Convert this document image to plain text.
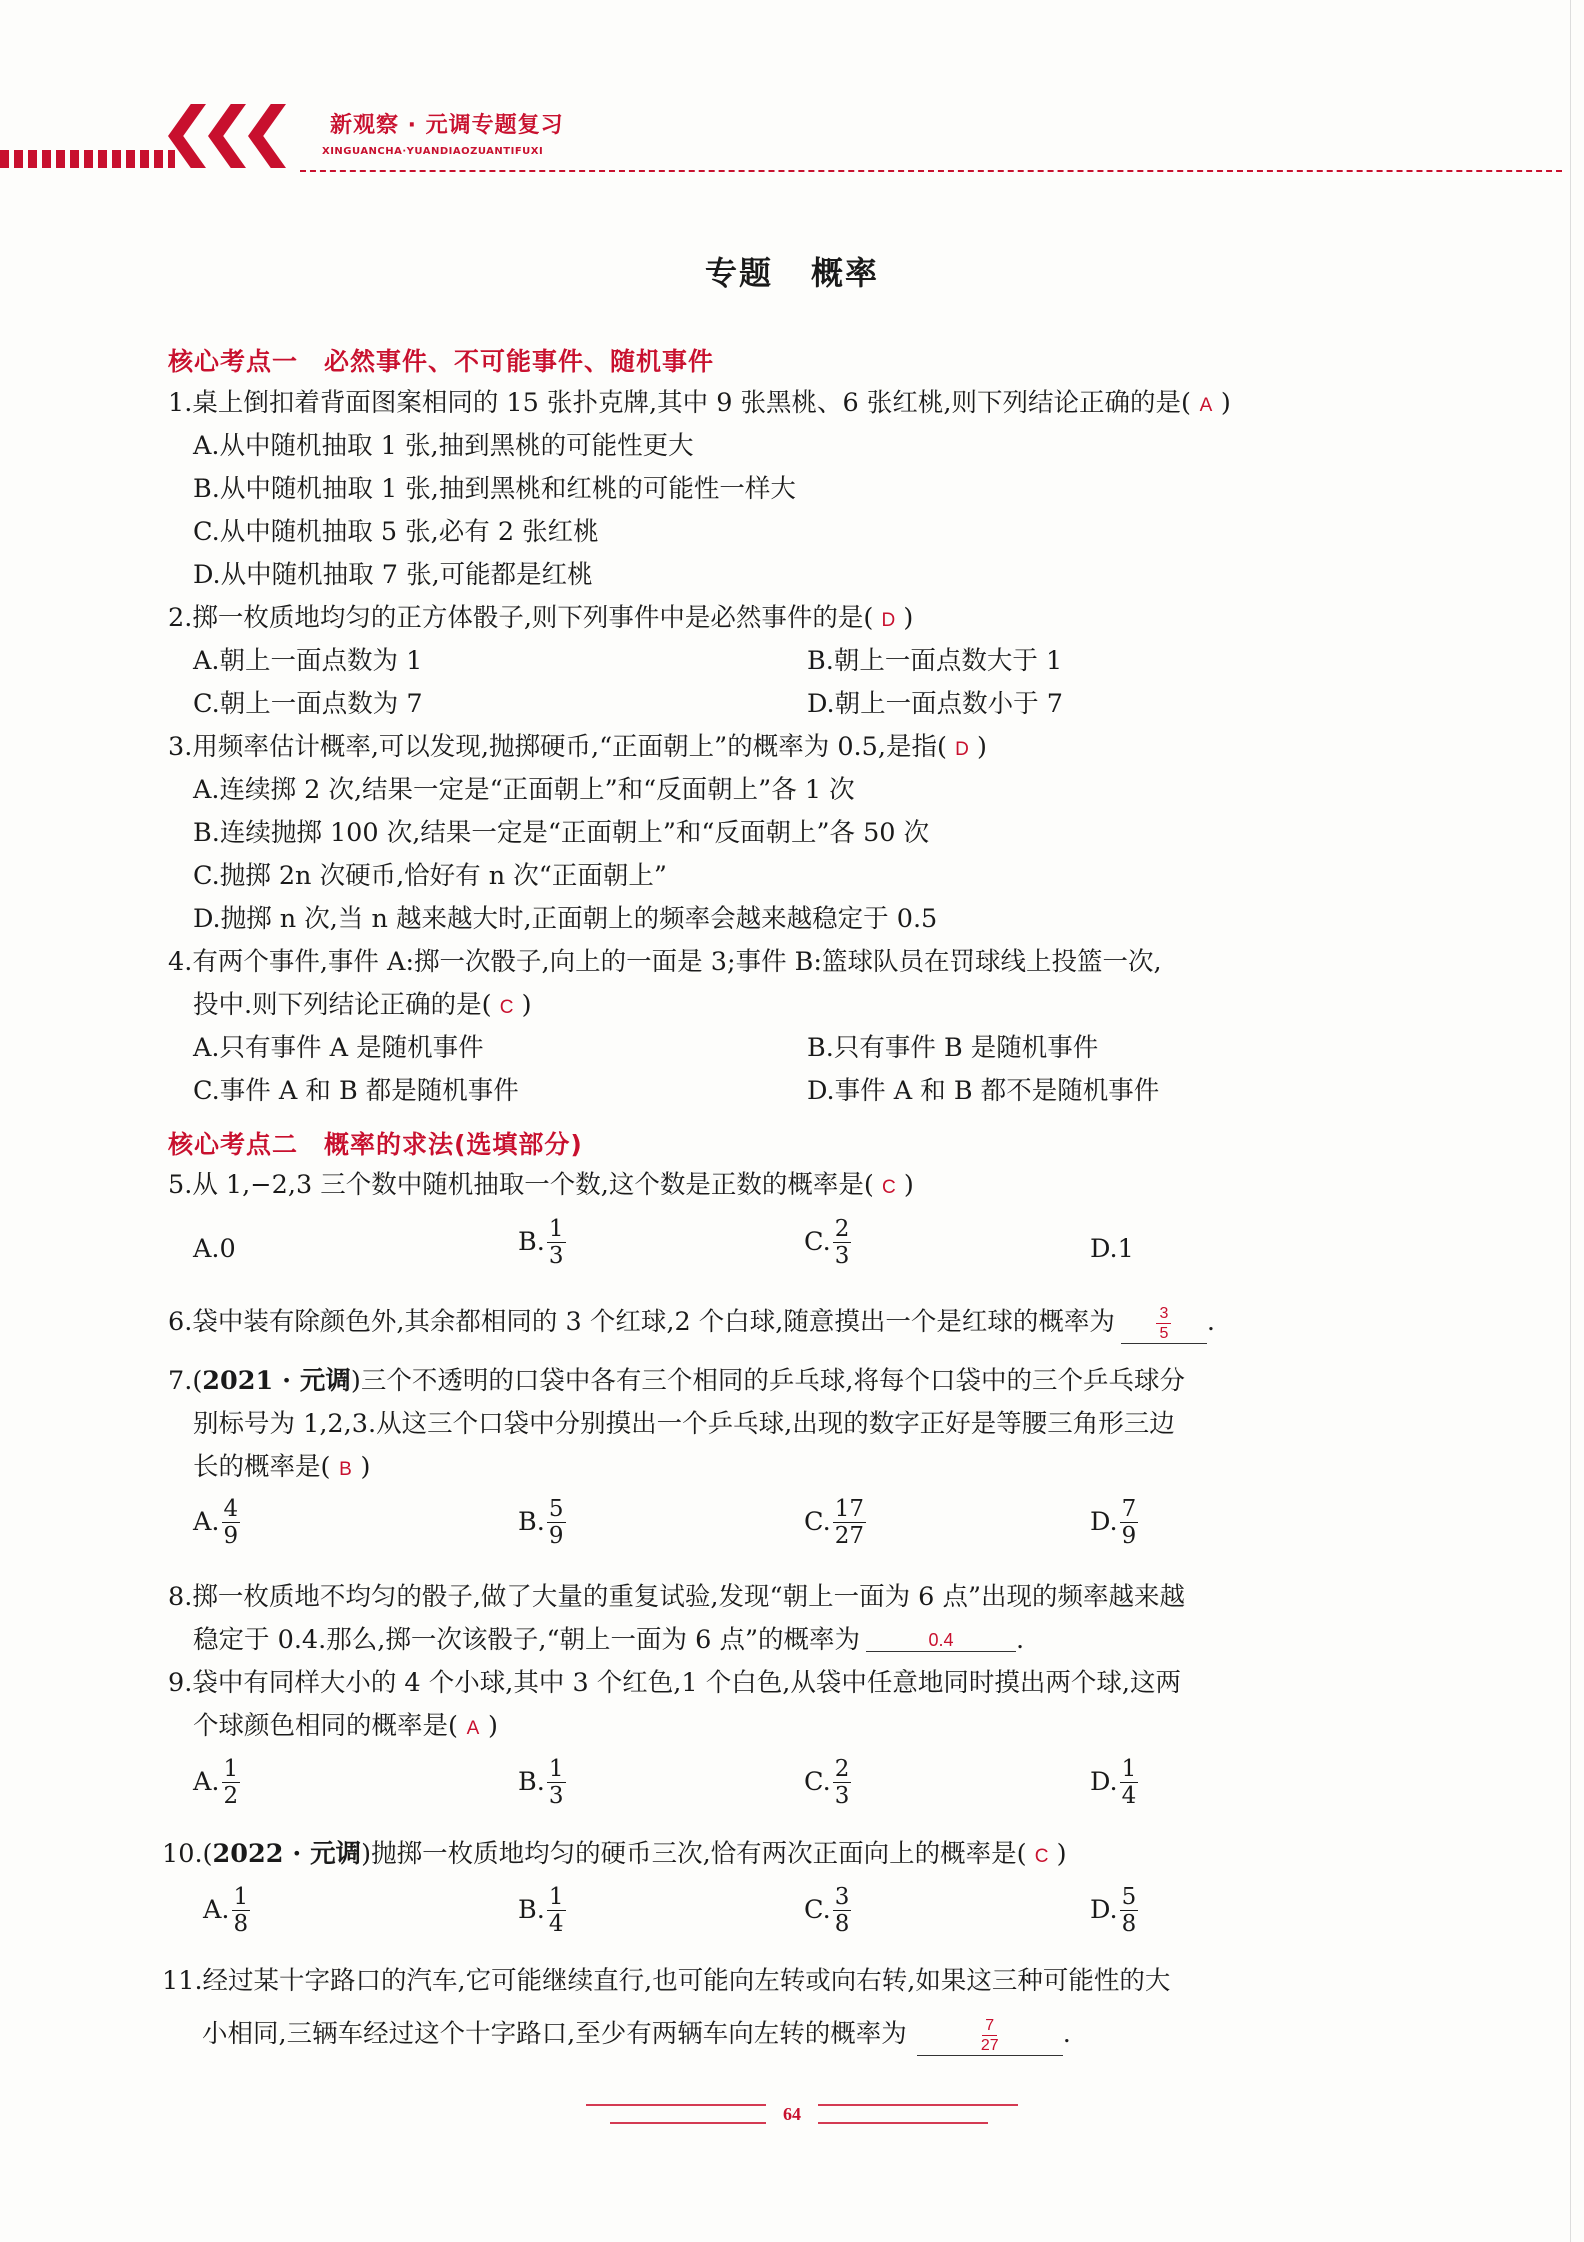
新观察 · 元调专题复习
XINGUANCHA·YUANDIAOZUANTIFUXI
专题 概率
核心考点一　必然事件、不可能事件、随机事件
1.桌上倒扣着背面图案相同的 15 张扑克牌,其中 9 张黑桃、6 张红桃,则下列结论正确的是( A )
A.从中随机抽取 1 张,抽到黑桃的可能性更大
B.从中随机抽取 1 张,抽到黑桃和红桃的可能性一样大
C.从中随机抽取 5 张,必有 2 张红桃
D.从中随机抽取 7 张,可能都是红桃
2.掷一枚质地均匀的正方体骰子,则下列事件中是必然事件的是( D )
A.朝上一面点数为 1	B.朝上一面点数大于 1
C.朝上一面点数为 7	D.朝上一面点数小于 7
3.用频率估计概率,可以发现,抛掷硬币,“正面朝上”的概率为 0.5,是指( D )
A.连续掷 2 次,结果一定是“正面朝上”和“反面朝上”各 1 次
B.连续抛掷 100 次,结果一定是“正面朝上”和“反面朝上”各 50 次
C.抛掷 2n 次硬币,恰好有 n 次“正面朝上”
D.抛掷 n 次,当 n 越来越大时,正面朝上的频率会越来越稳定于 0.5
4.有两个事件,事件 A:掷一次骰子,向上的一面是 3;事件 B:篮球队员在罚球线上投篮一次,
投中.则下列结论正确的是( C )
A.只有事件 A 是随机事件	B.只有事件 B 是随机事件
C.事件 A 和 B 都是随机事件	D.事件 A 和 B 都不是随机事件
核心考点二　概率的求法(选填部分)
5.从 1,−2,3 三个数中随机抽取一个数,这个数是正数的概率是( C )
A.0	B. $\frac{1}{3}$	C. $\frac{2}{3}$	D.1
6.袋中装有除颜色外,其余都相同的 3 个红球,2 个白球,随意摸出一个是红球的概率为	$\frac{3}{5}$ .
7.(2021 · 元调)三个不透明的口袋中各有三个相同的乒乓球,将每个口袋中的三个乒乓球分
别标号为 1,2,3.从这三个口袋中分别摸出一个乒乓球,出现的数字正好是等腰三角形三边
长的概率是( B )
A. $\frac{4}{9}$	B. $\frac{5}{9}$	C. $\frac{17}{27}$	D. $\frac{7}{9}$
8.掷一枚质地不均匀的骰子,做了大量的重复试验,发现“朝上一面为 6 点”出现的频率越来越
稳定于 0.4.那么,掷一次该骰子,“朝上一面为 6 点”的概率为	0.4 .
9.袋中有同样大小的 4 个小球,其中 3 个红色,1 个白色,从袋中任意地同时摸出两个球,这两
个球颜色相同的概率是( A )
A. $\frac{1}{2}$	B. $\frac{1}{3}$	C. $\frac{2}{3}$	D. $\frac{1}{4}$
10.(2022 · 元调)抛掷一枚质地均匀的硬币三次,恰有两次正面向上的概率是( C )
A. $\frac{1}{8}$	B. $\frac{1}{4}$	C. $\frac{3}{8}$	D. $\frac{5}{8}$
11.经过某十字路口的汽车,它可能继续直行,也可能向左转或向右转,如果这三种可能性的大
小相同,三辆车经过这个十字路口,至少有两辆车向左转的概率为	$\frac{7}{27}$	.
64
